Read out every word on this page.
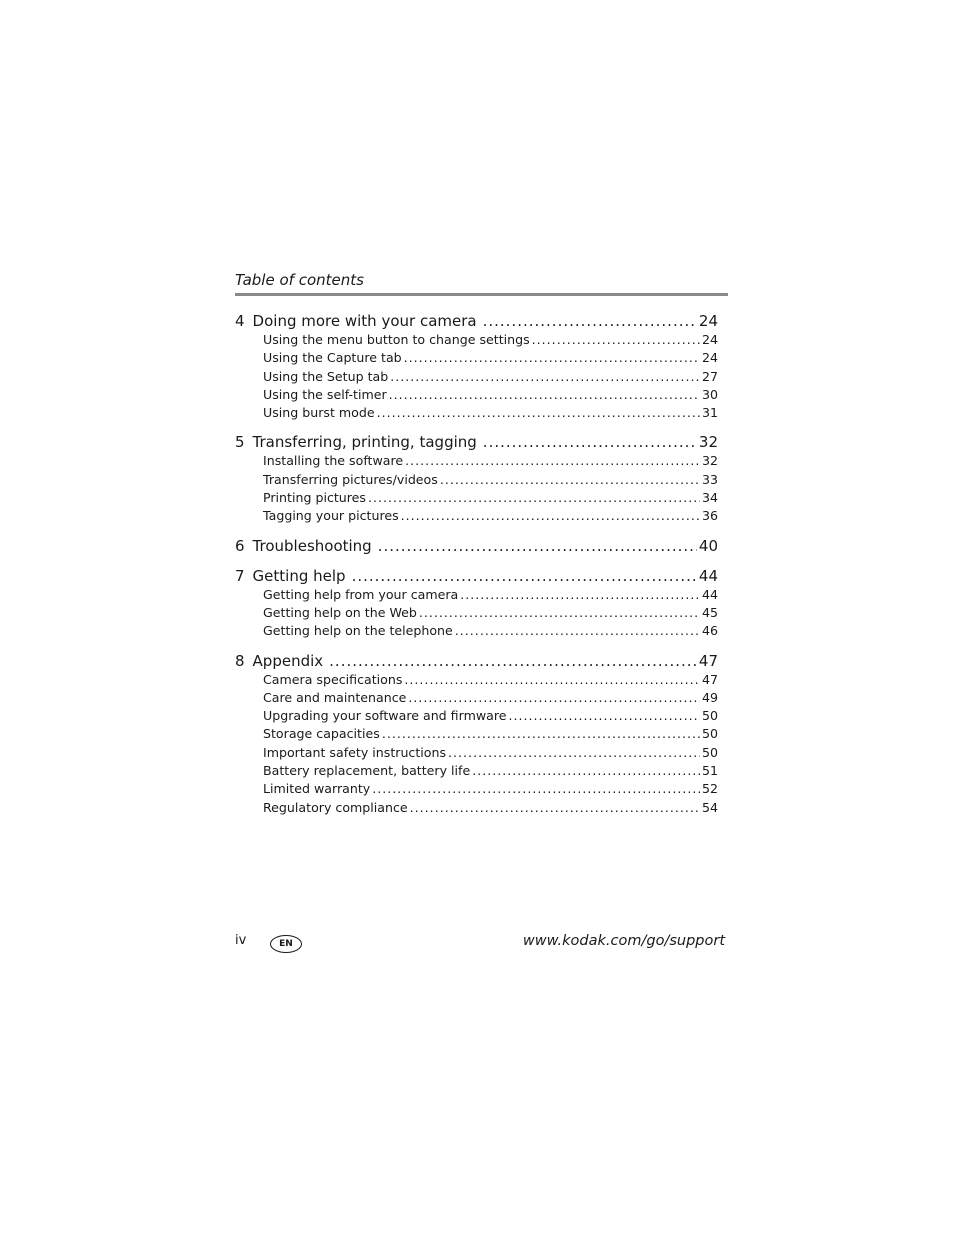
Table of contents
4 Doing more with your camera .....	24
Using the menu button to change settings .....	24
Using the Capture tab .....	24
Using the Setup tab .....	27
Using the self-timer .....	30
Using burst mode .....	31
5 Transferring, printing, tagging .....	32
Installing the software .....	32
Transferring pictures/videos .....	33
Printing pictures .....	34
Tagging your pictures .....	36
6 Troubleshooting .....	40
7 Getting help .....	44
Getting help from your camera .....	44
Getting help on the Web .....	45
Getting help on the telephone .....	46
8 Appendix .....	47
Camera specifications .....	47
Care and maintenance .....	49
Upgrading your software and firmware .....	50
Storage capacities .....	50
Important safety instructions .....	50
Battery replacement, battery life .....	51
Limited warranty .....	52
Regulatory compliance .....	54
iv	EN	www.kodak.com/go/support
